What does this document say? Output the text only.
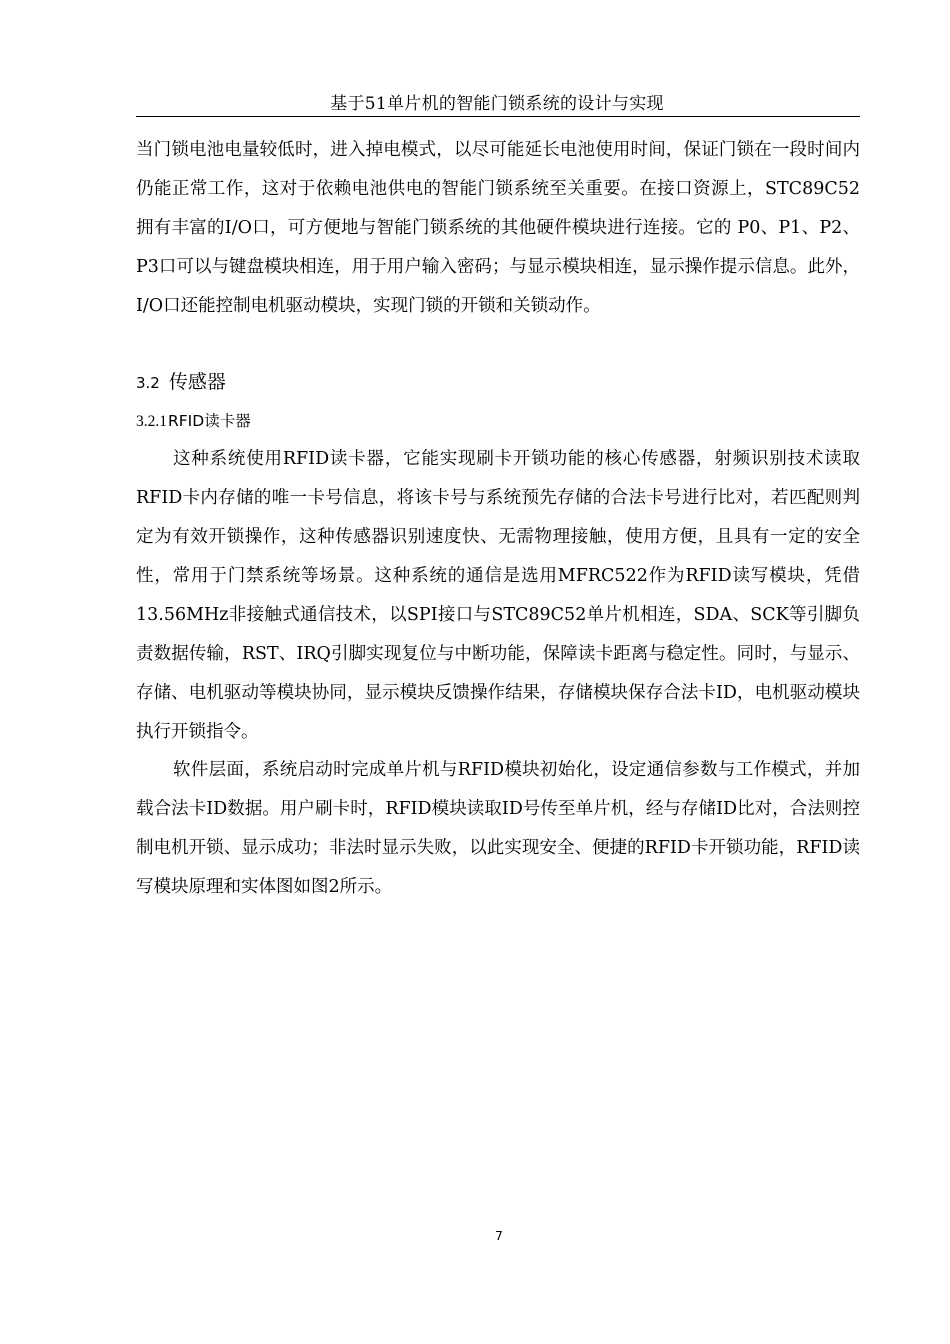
基于51单片机的智能门锁系统的设计与实现

当门锁电池电量较低时，进入掉电模式，以尽可能延长电池使用时间，保证门锁在一段时间内仍能正常工作，这对于依赖电池供电的智能门锁系统至关重要。在接口资源上，STC89C52拥有丰富的I/O口，可方便地与智能门锁系统的其他硬件模块进行连接。它的 P0、P1、P2、P3口可以与键盘模块相连，用于用户输入密码；与显示模块相连，显示操作提示信息。此外，I/O口还能控制电机驱动模块，实现门锁的开锁和关锁动作。

3.2 传感器
3.2.1RFID读卡器

这种系统使用RFID读卡器，它能实现刷卡开锁功能的核心传感器，射频识别技术读取RFID卡内存储的唯一卡号信息，将该卡号与系统预先存储的合法卡号进行比对，若匹配则判定为有效开锁操作，这种传感器识别速度快、无需物理接触，使用方便，且具有一定的安全性，常用于门禁系统等场景。这种系统的通信是选用MFRC522作为RFID读写模块，凭借13.56MHz非接触式通信技术，以SPI接口与STC89C52单片机相连，SDA、SCK等引脚负责数据传输，RST、IRQ引脚实现复位与中断功能，保障读卡距离与稳定性。同时，与显示、存储、电机驱动等模块协同，显示模块反馈操作结果，存储模块保存合法卡ID，电机驱动模块执行开锁指令。

软件层面，系统启动时完成单片机与RFID模块初始化，设定通信参数与工作模式，并加载合法卡ID数据。用户刷卡时，RFID模块读取ID号传至单片机，经与存储ID比对，合法则控制电机开锁、显示成功；非法时显示失败，以此实现安全、便捷的RFID卡开锁功能，RFID读写模块原理和实体图如图2所示。

7
